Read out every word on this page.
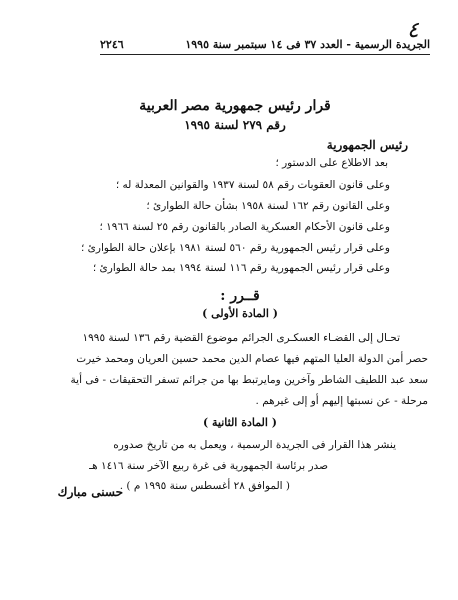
٤
٢٢٤٦	الجريدة الرسمية - العدد ٣٧ فى ١٤ سبتمبر سنة ١٩٩٥
قرار رئيس جمهورية مصر العربية
رقم ٢٧٩ لسنة ١٩٩٥
رئيس الجمهورية
بعد الاطلاع على الدستور ؛
وعلى قانون العقوبات رقم ٥٨ لسنة ١٩٣٧ والقوانين المعدلة له ؛
وعلى القانون رقم ١٦٢ لسنة ١٩٥٨ بشأن حالة الطوارئ ؛
وعلى قانون الأحكام العسكرية الصادر بالقانون رقم ٢٥ لسنة ١٩٦٦ ؛
وعلى قرار رئيس الجمهورية رقم ٥٦٠ لسنة ١٩٨١ بإعلان حالة الطوارئ ؛
وعلى قرار رئيس الجمهورية رقم ١١٦ لسنة ١٩٩٤ بمد حالة الطوارئ ؛
قــرر :
( المادة الأولى )
تحـال إلى القضـاء العسكـرى الجرائم موضوع القضية رقم ١٣٦ لسنة ١٩٩٥
حصر أمن الدولة العليا المتهم فيها عصام الدين محمد حسين العريان ومحمد خيرت
سعد عبد اللطيف الشاطر وآخرين ومايرتبط بها من جرائم تسفر التحقيقات - فى أية
مرحلة - عن نسبتها إليهم أو إلى غيرهم .
( المادة الثانية )
ينشر هذا القرار فى الجريدة الرسمية ، ويعمل به من تاريخ صدوره
صدر برئاسة الجمهورية فى غرة ربيع الآخر سنة ١٤١٦ هـ
( الموافق ٢٨ أغسطس سنة ١٩٩٥ م ) .
حسنى مبارك
